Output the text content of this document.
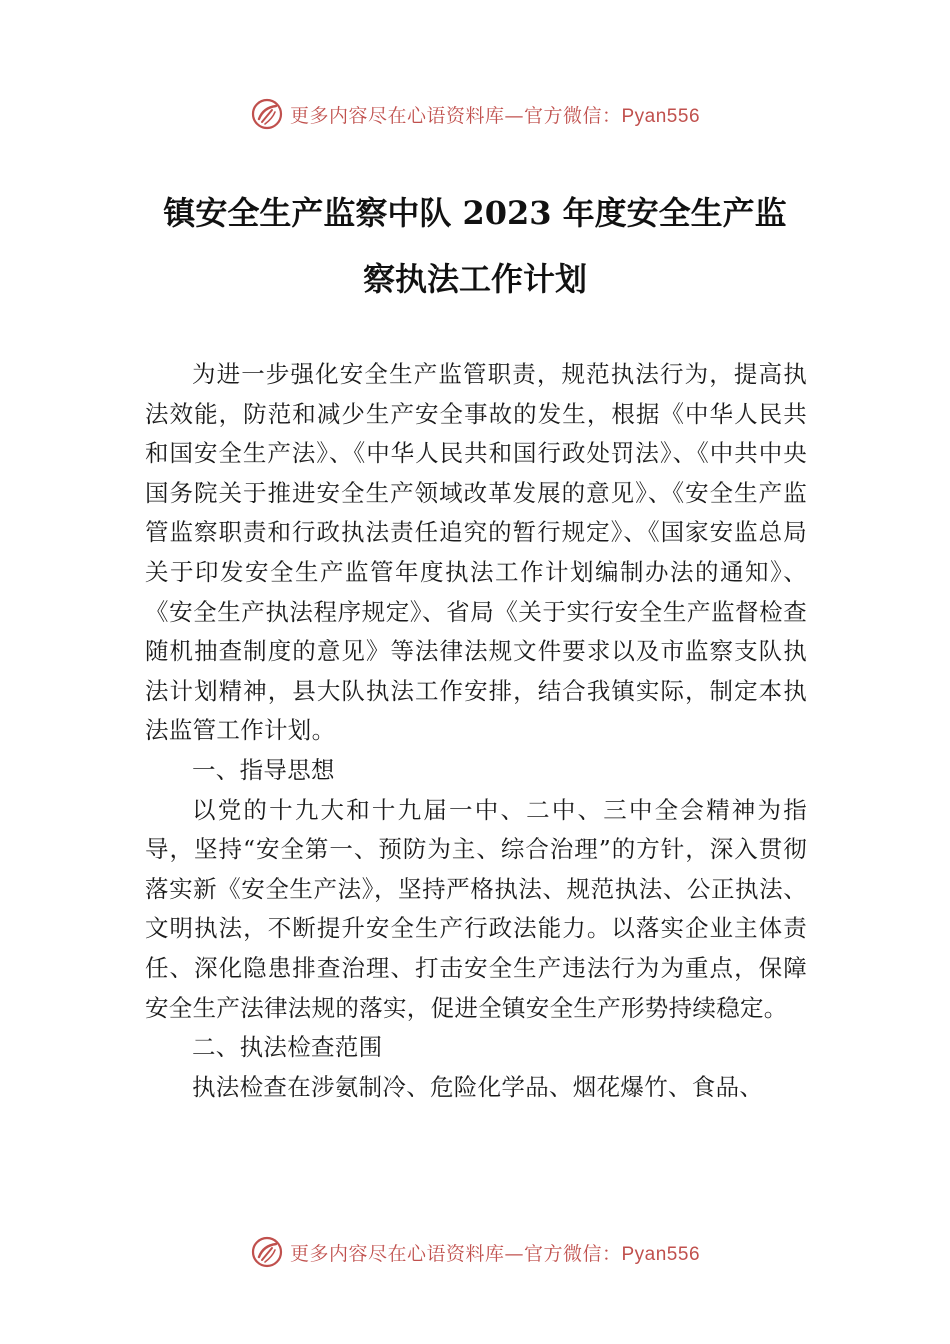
更多内容尽在心语资料库—官方微信：Pyan556
镇安全生产监察中队 2023 年度安全生产监
察执法工作计划

为进一步强化安全生产监管职责，规范执法行为，提高执法效能，防范和减少生产安全事故的发生，根据《中华人民共和国安全生产法》、《中华人民共和国行政处罚法》、《中共中央国务院关于推进安全生产领域改革发展的意见》、《安全生产监管监察职责和行政执法责任追究的暂行规定》、《国家安监总局关于印发安全生产监管年度执法工作计划编制办法的通知》、《安全生产执法程序规定》、省局《关于实行安全生产监督检查随机抽查制度的意见》等法律法规文件要求以及市监察支队执法计划精神，县大队执法工作安排，结合我镇实际，制定本执法监管工作计划。

一、指导思想

以党的十九大和十九届一中、二中、三中全会精神为指导，坚持“安全第一、预防为主、综合治理”的方针，深入贯彻落实新《安全生产法》，坚持严格执法、规范执法、公正执法、文明执法，不断提升安全生产行政法能力。以落实企业主体责任、深化隐患排查治理、打击安全生产违法行为为重点，保障安全生产法律法规的落实，促进全镇安全生产形势持续稳定。

二、执法检查范围

执法检查在涉氨制冷、危险化学品、烟花爆竹、食品、

更多内容尽在心语资料库—官方微信：Pyan556
